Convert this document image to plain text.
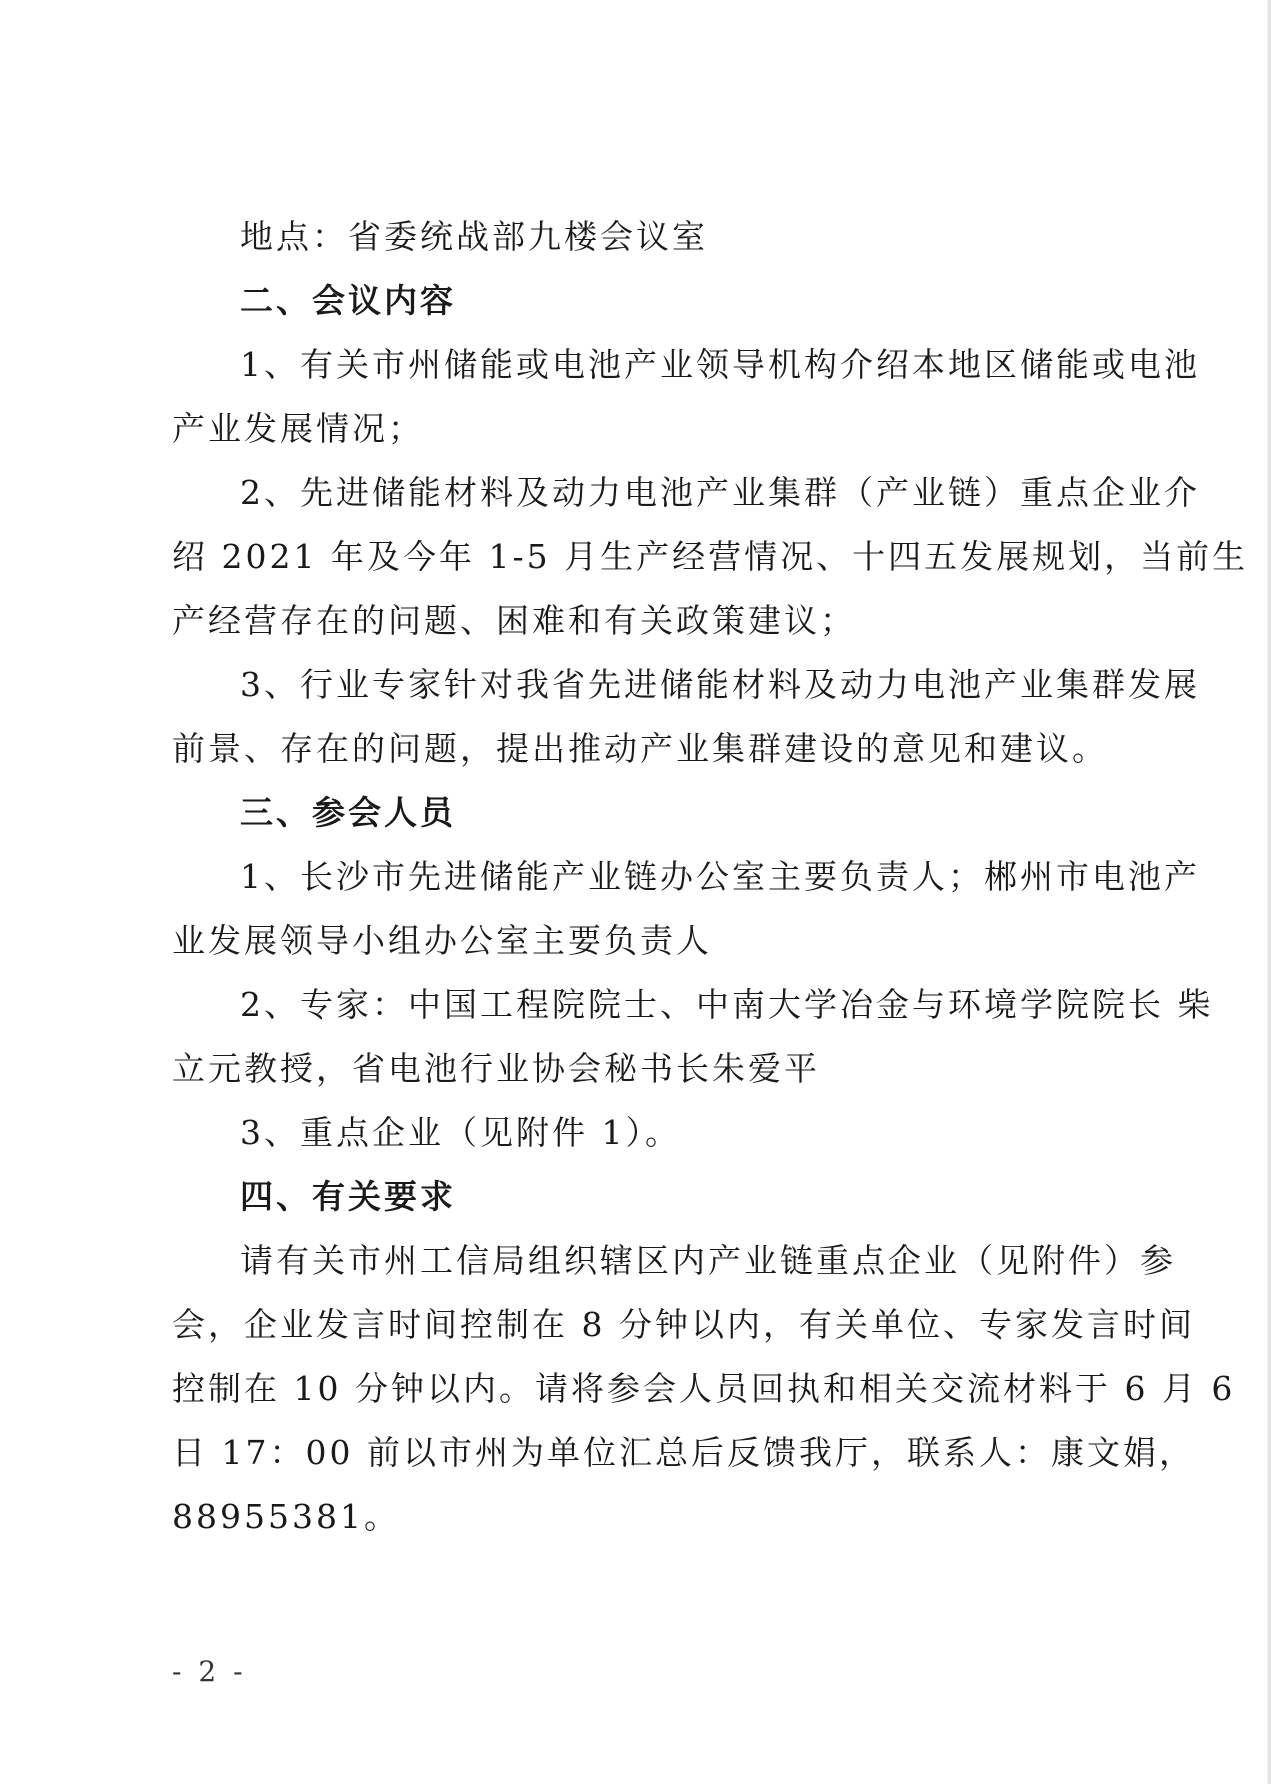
地点：省委统战部九楼会议室
二、会议内容
1、有关市州储能或电池产业领导机构介绍本地区储能或电池
产业发展情况；
2、先进储能材料及动力电池产业集群（产业链）重点企业介
绍 2021 年及今年 1-5 月生产经营情况、十四五发展规划，当前生
产经营存在的问题、困难和有关政策建议；
3、行业专家针对我省先进储能材料及动力电池产业集群发展
前景、存在的问题，提出推动产业集群建设的意见和建议。
三、参会人员
1、长沙市先进储能产业链办公室主要负责人；郴州市电池产
业发展领导小组办公室主要负责人
2、专家：中国工程院院士、中南大学冶金与环境学院院长 柴
立元教授，省电池行业协会秘书长朱爱平
3、重点企业（见附件 1）。
四、有关要求
请有关市州工信局组织辖区内产业链重点企业（见附件）参
会，企业发言时间控制在 8 分钟以内，有关单位、专家发言时间
控制在 10 分钟以内。请将参会人员回执和相关交流材料于 6 月 6
日 17：00 前以市州为单位汇总后反馈我厅，联系人：康文娟，
88955381。
- 2 -
